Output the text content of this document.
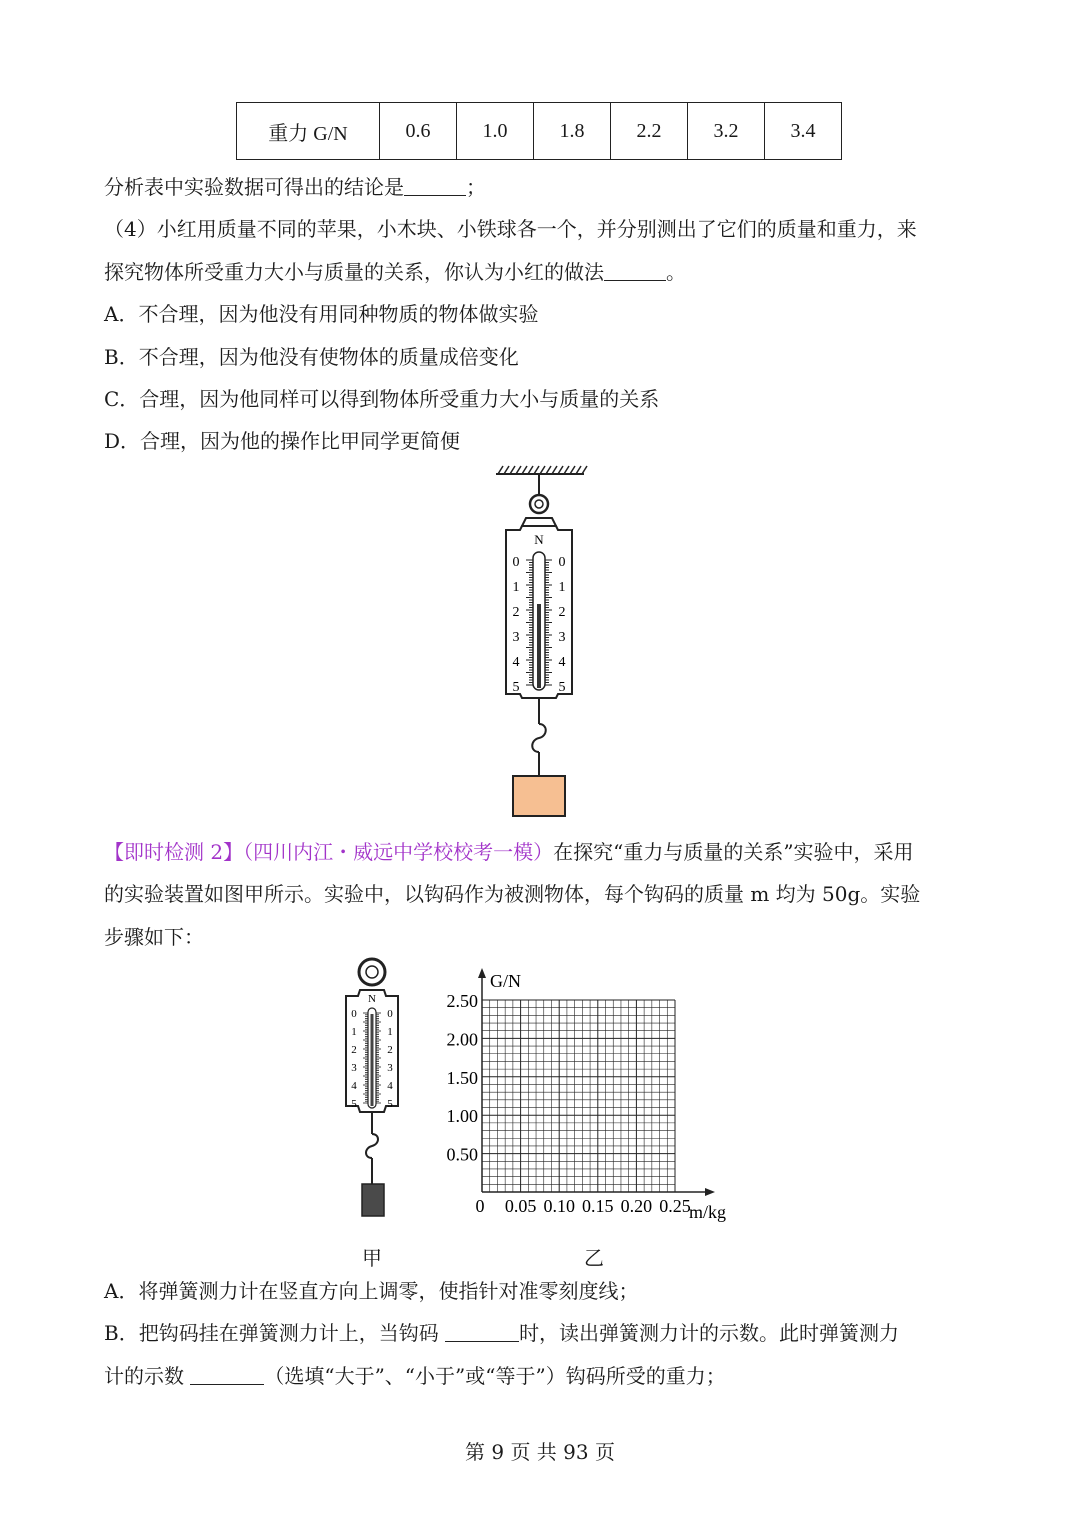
重力 G/N	0.6	1.0	1.8	2.2	3.2	3.4
分析表中实验数据可得出的结论是	；
（4）小红用质量不同的苹果，小木块、小铁球各一个，并分别测出了它们的质量和重力，来
探究物体所受重力大小与质量的关系，你认为小红的做法	。
A．不合理，因为他没有用同种物质的物体做实验
B．不合理，因为他没有使物体的质量成倍变化
C．合理，因为他同样可以得到物体所受重力大小与质量的关系
D．合理，因为他的操作比甲同学更简便
N
0
1
2
3
4
5
0
1
2
3
4
5
【即时检测 2】（四川内江・威远中学校校考一模）在探究“重力与质量的关系”实验中，采用
的实验装置如图甲所示。实验中，以钩码作为被测物体，每个钩码的质量 m 均为 50g。实验
步骤如下：
N
0
1
2
3
4
5
0
1
2
3
4
5
0.50
1.00
1.50
2.00
2.50
0 0.05 0.10 0.15 0.20 0.25
G/N
m/kg
甲	乙
A．将弹簧测力计在竖直方向上调零，使指针对准零刻度线；
B．把钩码挂在弹簧测力计上，当钩码	时，读出弹簧测力计的示数。此时弹簧测力
计的示数	（选填“大于”、“小于”或“等于”）钩码所受的重力；
第 9 页 共 93 页
